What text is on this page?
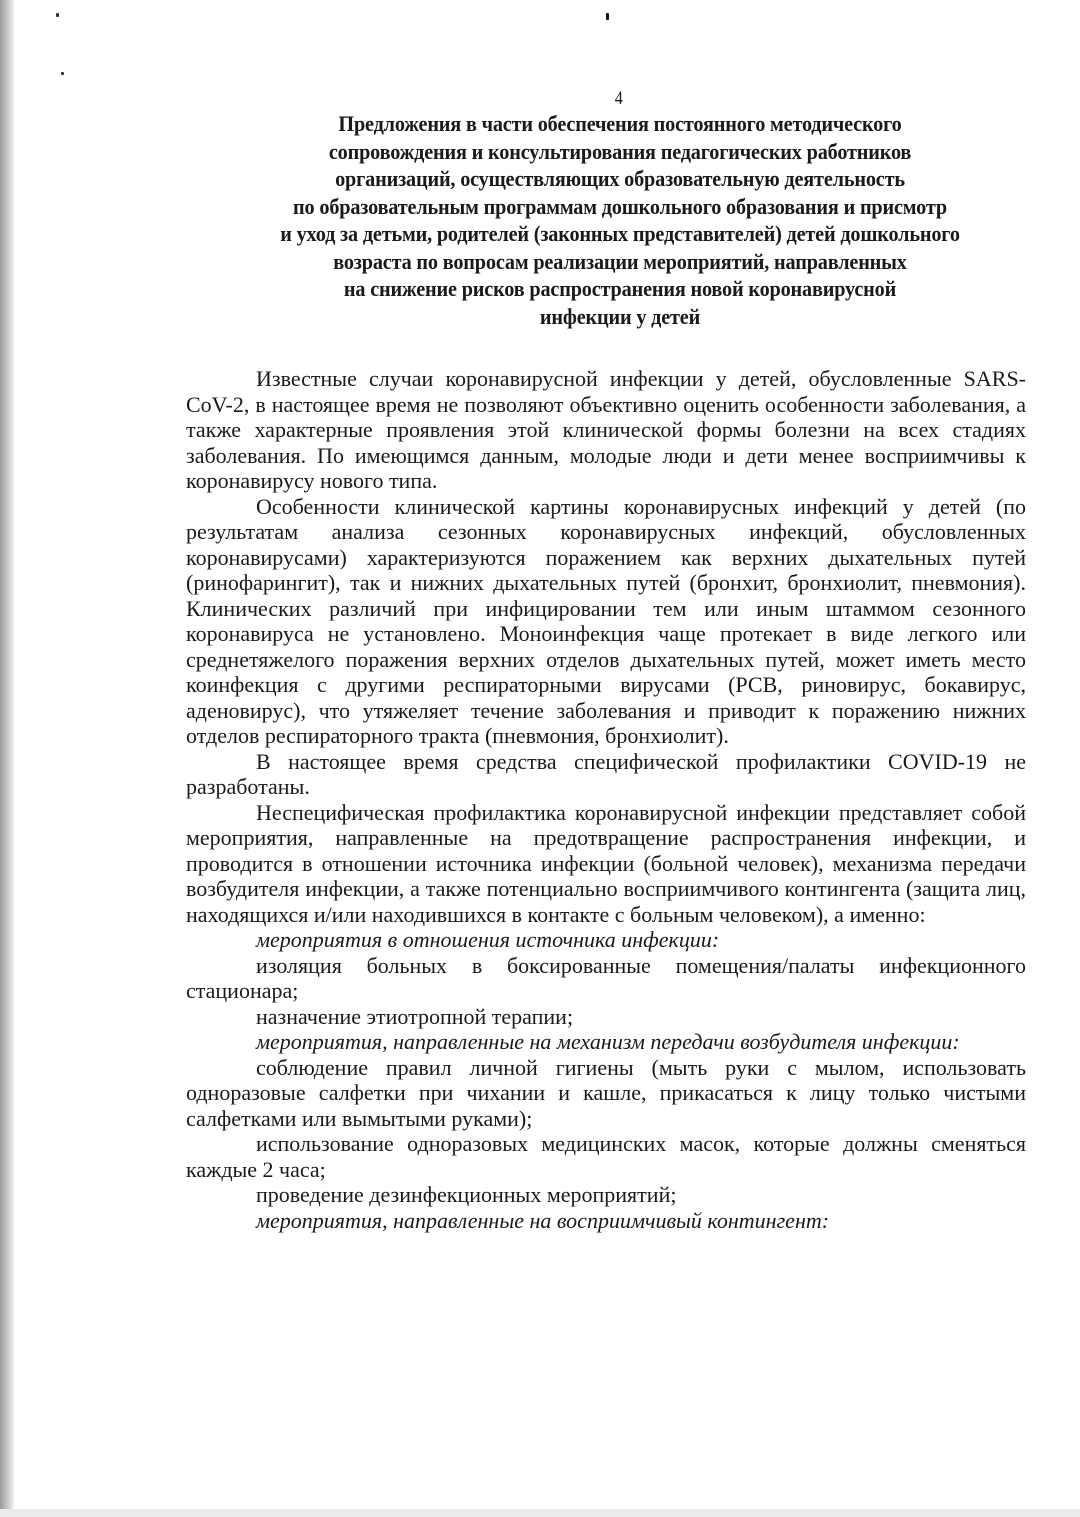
4
Предложения в части обеспечения постоянного методического
сопровождения и консультирования педагогических работников
организаций, осуществляющих образовательную деятельность
по образовательным программам дошкольного образования и присмотр
и уход за детьми, родителей (законных представителей) детей дошкольного
возраста по вопросам реализации мероприятий, направленных
на снижение рисков распространения новой коронавирусной
инфекции у детей

Известные случаи коронавирусной инфекции у детей, обусловленные SARS-CoV-2, в настоящее время не позволяют объективно оценить особенности заболевания, а также характерные проявления этой клинической формы болезни на всех стадиях заболевания. По имеющимся данным, молодые люди и дети менее восприимчивы к коронавирусу нового типа.

Особенности клинической картины коронавирусных инфекций у детей (по результатам анализа сезонных коронавирусных инфекций, обусловленных коронавирусами) характеризуются поражением как верхних дыхательных путей (ринофарингит), так и нижних дыхательных путей (бронхит, бронхиолит, пневмония). Клинических различий при инфицировании тем или иным штаммом сезонного коронавируса не установлено. Моноинфекция чаще протекает в виде легкого или среднетяжелого поражения верхних отделов дыхательных путей, может иметь место коинфекция с другими респираторными вирусами (РСВ, риновирус, бокавирус, аденовирус), что утяжеляет течение заболевания и приводит к поражению нижних отделов респираторного тракта (пневмония, бронхиолит).

В настоящее время средства специфической профилактики COVID-19 не разработаны.

Неспецифическая профилактика коронавирусной инфекции представляет собой мероприятия, направленные на предотвращение распространения инфекции, и проводится в отношении источника инфекции (больной человек), механизма передачи возбудителя инфекции, а также потенциально восприимчивого контингента (защита лиц, находящихся и/или находившихся в контакте с больным человеком), а именно:

мероприятия в отношения источника инфекции:

изоляция больных в боксированные помещения/палаты инфекционного стационара;

назначение этиотропной терапии;

мероприятия, направленные на механизм передачи возбудителя инфекции:

соблюдение правил личной гигиены (мыть руки с мылом, использовать одноразовые салфетки при чихании и кашле, прикасаться к лицу только чистыми салфетками или вымытыми руками);

использование одноразовых медицинских масок, которые должны сменяться каждые 2 часа;

проведение дезинфекционных мероприятий;

мероприятия, направленные на восприимчивый контингент:
